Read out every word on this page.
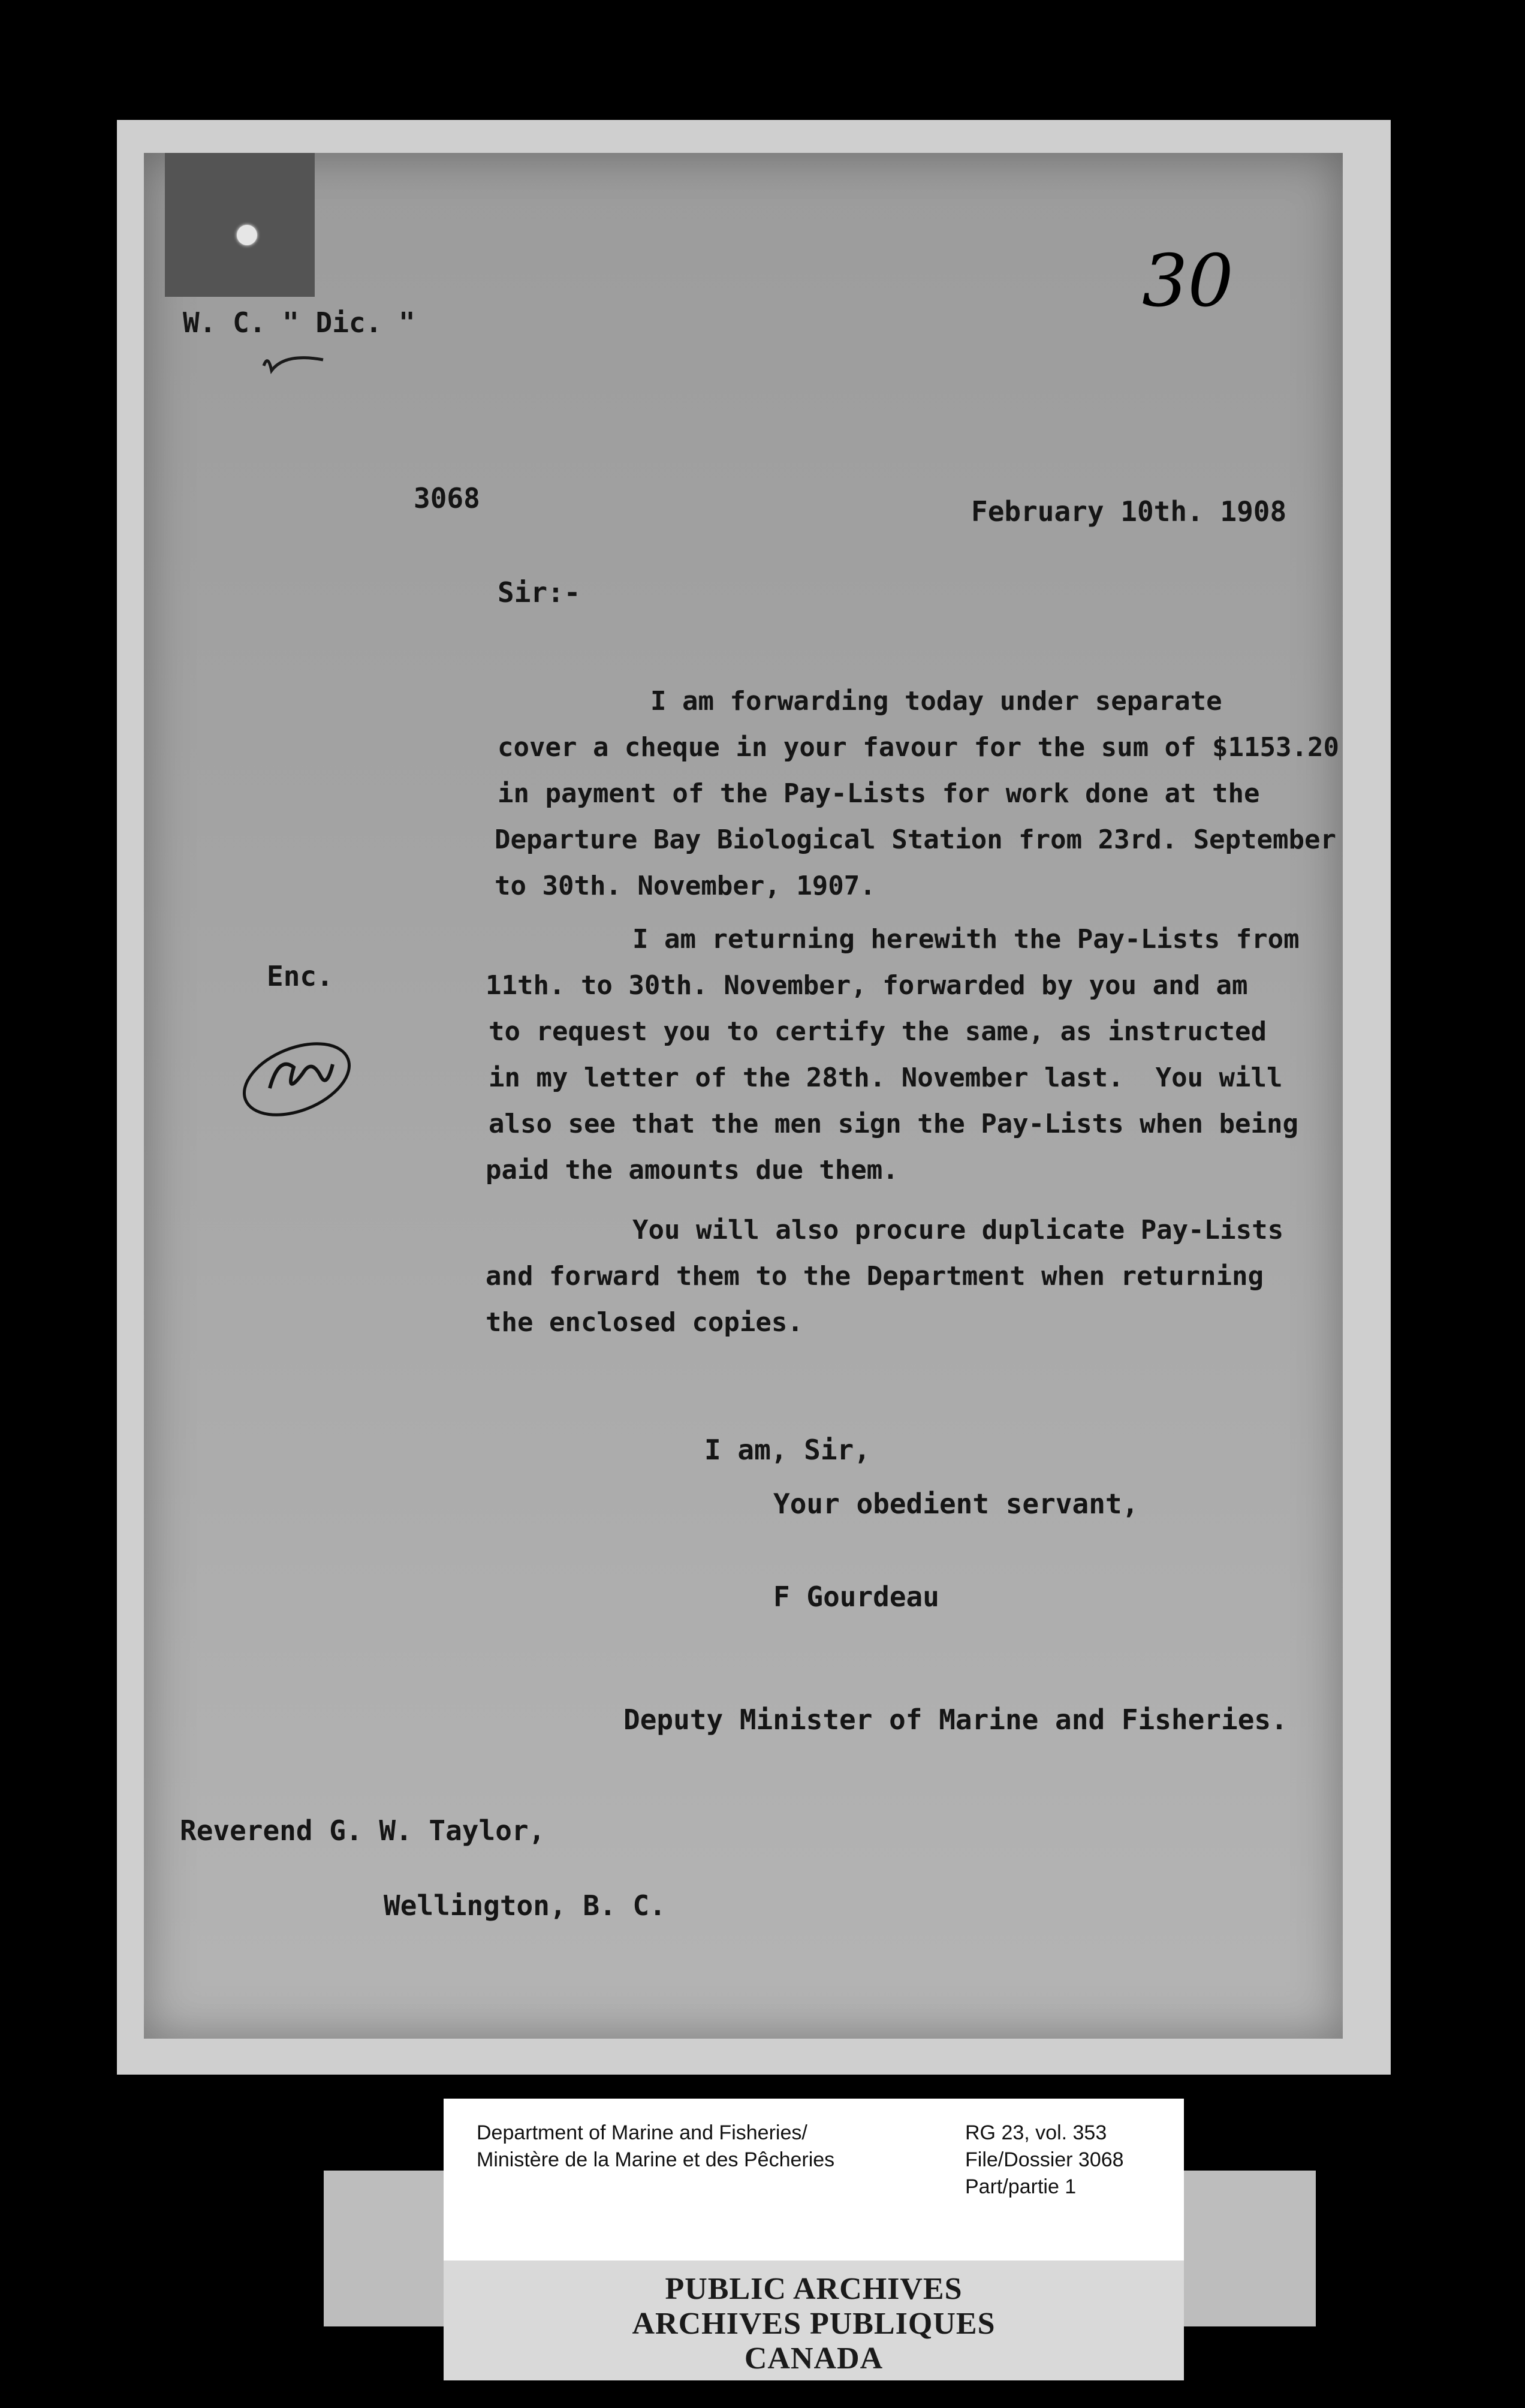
W. C. " Dic. "	30
3068	February 10th. 1908
Sir:-
I am forwarding today under separate
cover a cheque in your favour for the sum of $1153.20
in payment of the Pay-Lists for work done at the
Departure Bay Biological Station from 23rd. September
to 30th. November, 1907.
I am returning herewith the Pay-Lists from
11th. to 30th. November, forwarded by you and am
to request you to certify the same, as instructed
in my letter of the 28th. November last.  You will
also see that the men sign the Pay-Lists when being
paid the amounts due them.
You will also procure duplicate Pay-Lists
and forward them to the Department when returning
the enclosed copies.
Enc.
I am, Sir,
Your obedient servant,
F Gourdeau
Deputy Minister of Marine and Fisheries.
Reverend G. W. Taylor,
Wellington, B. C.
Department of Marine and Fisheries/
Ministère de la Marine et des Pêcheries
RG 23, vol. 353
File/Dossier 3068
Part/partie 1
PUBLIC ARCHIVES
ARCHIVES PUBLIQUES
CANADA
